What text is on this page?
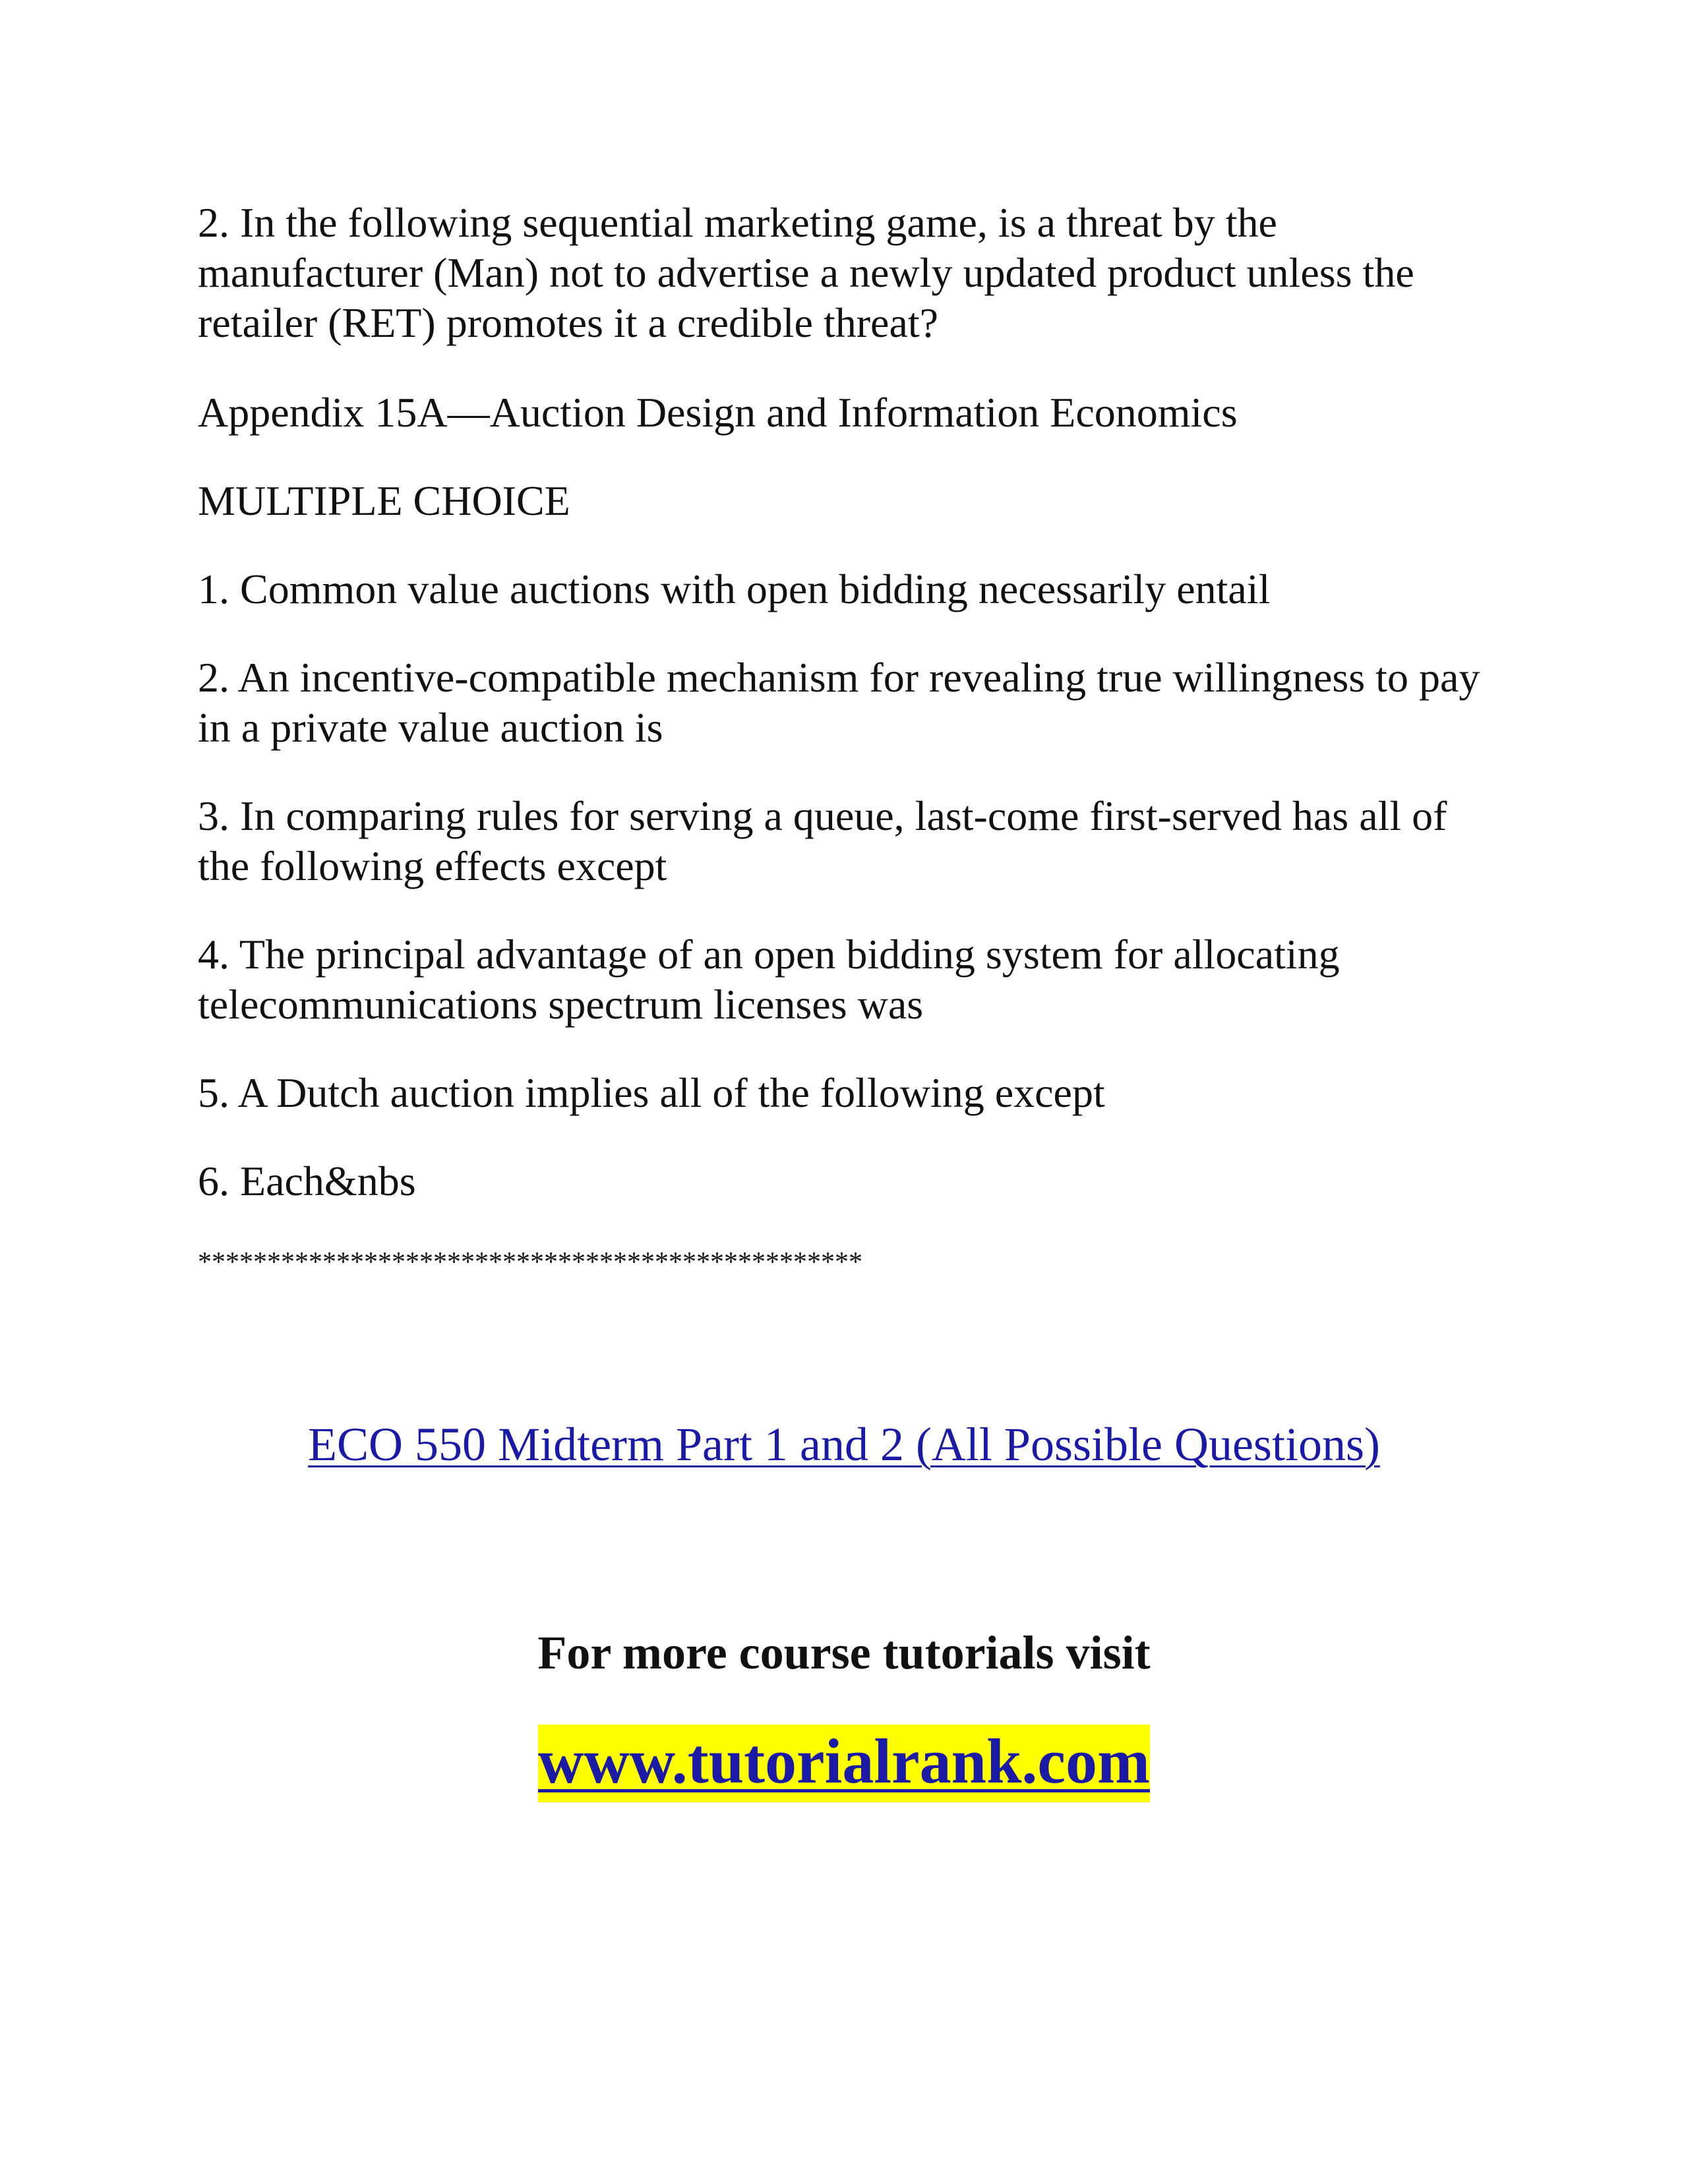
2. In the following sequential marketing game, is a threat by the manufacturer (Man) not to advertise a newly updated product unless the retailer (RET) promotes it a credible threat?

Appendix 15A—Auction Design and Information Economics

MULTIPLE CHOICE

1. Common value auctions with open bidding necessarily entail

2. An incentive-compatible mechanism for revealing true willingness to pay in a private value auction is

3. In comparing rules for serving a queue, last-come first-served has all of the following effects except

4. The principal advantage of an open bidding system for allocating telecommunications spectrum licenses was

5. A Dutch auction implies all of the following except

6. Each&nbs

************************************************
ECO 550 Midterm Part 1 and 2 (All Possible Questions)
For more course tutorials visit
www.tutorialrank.com
